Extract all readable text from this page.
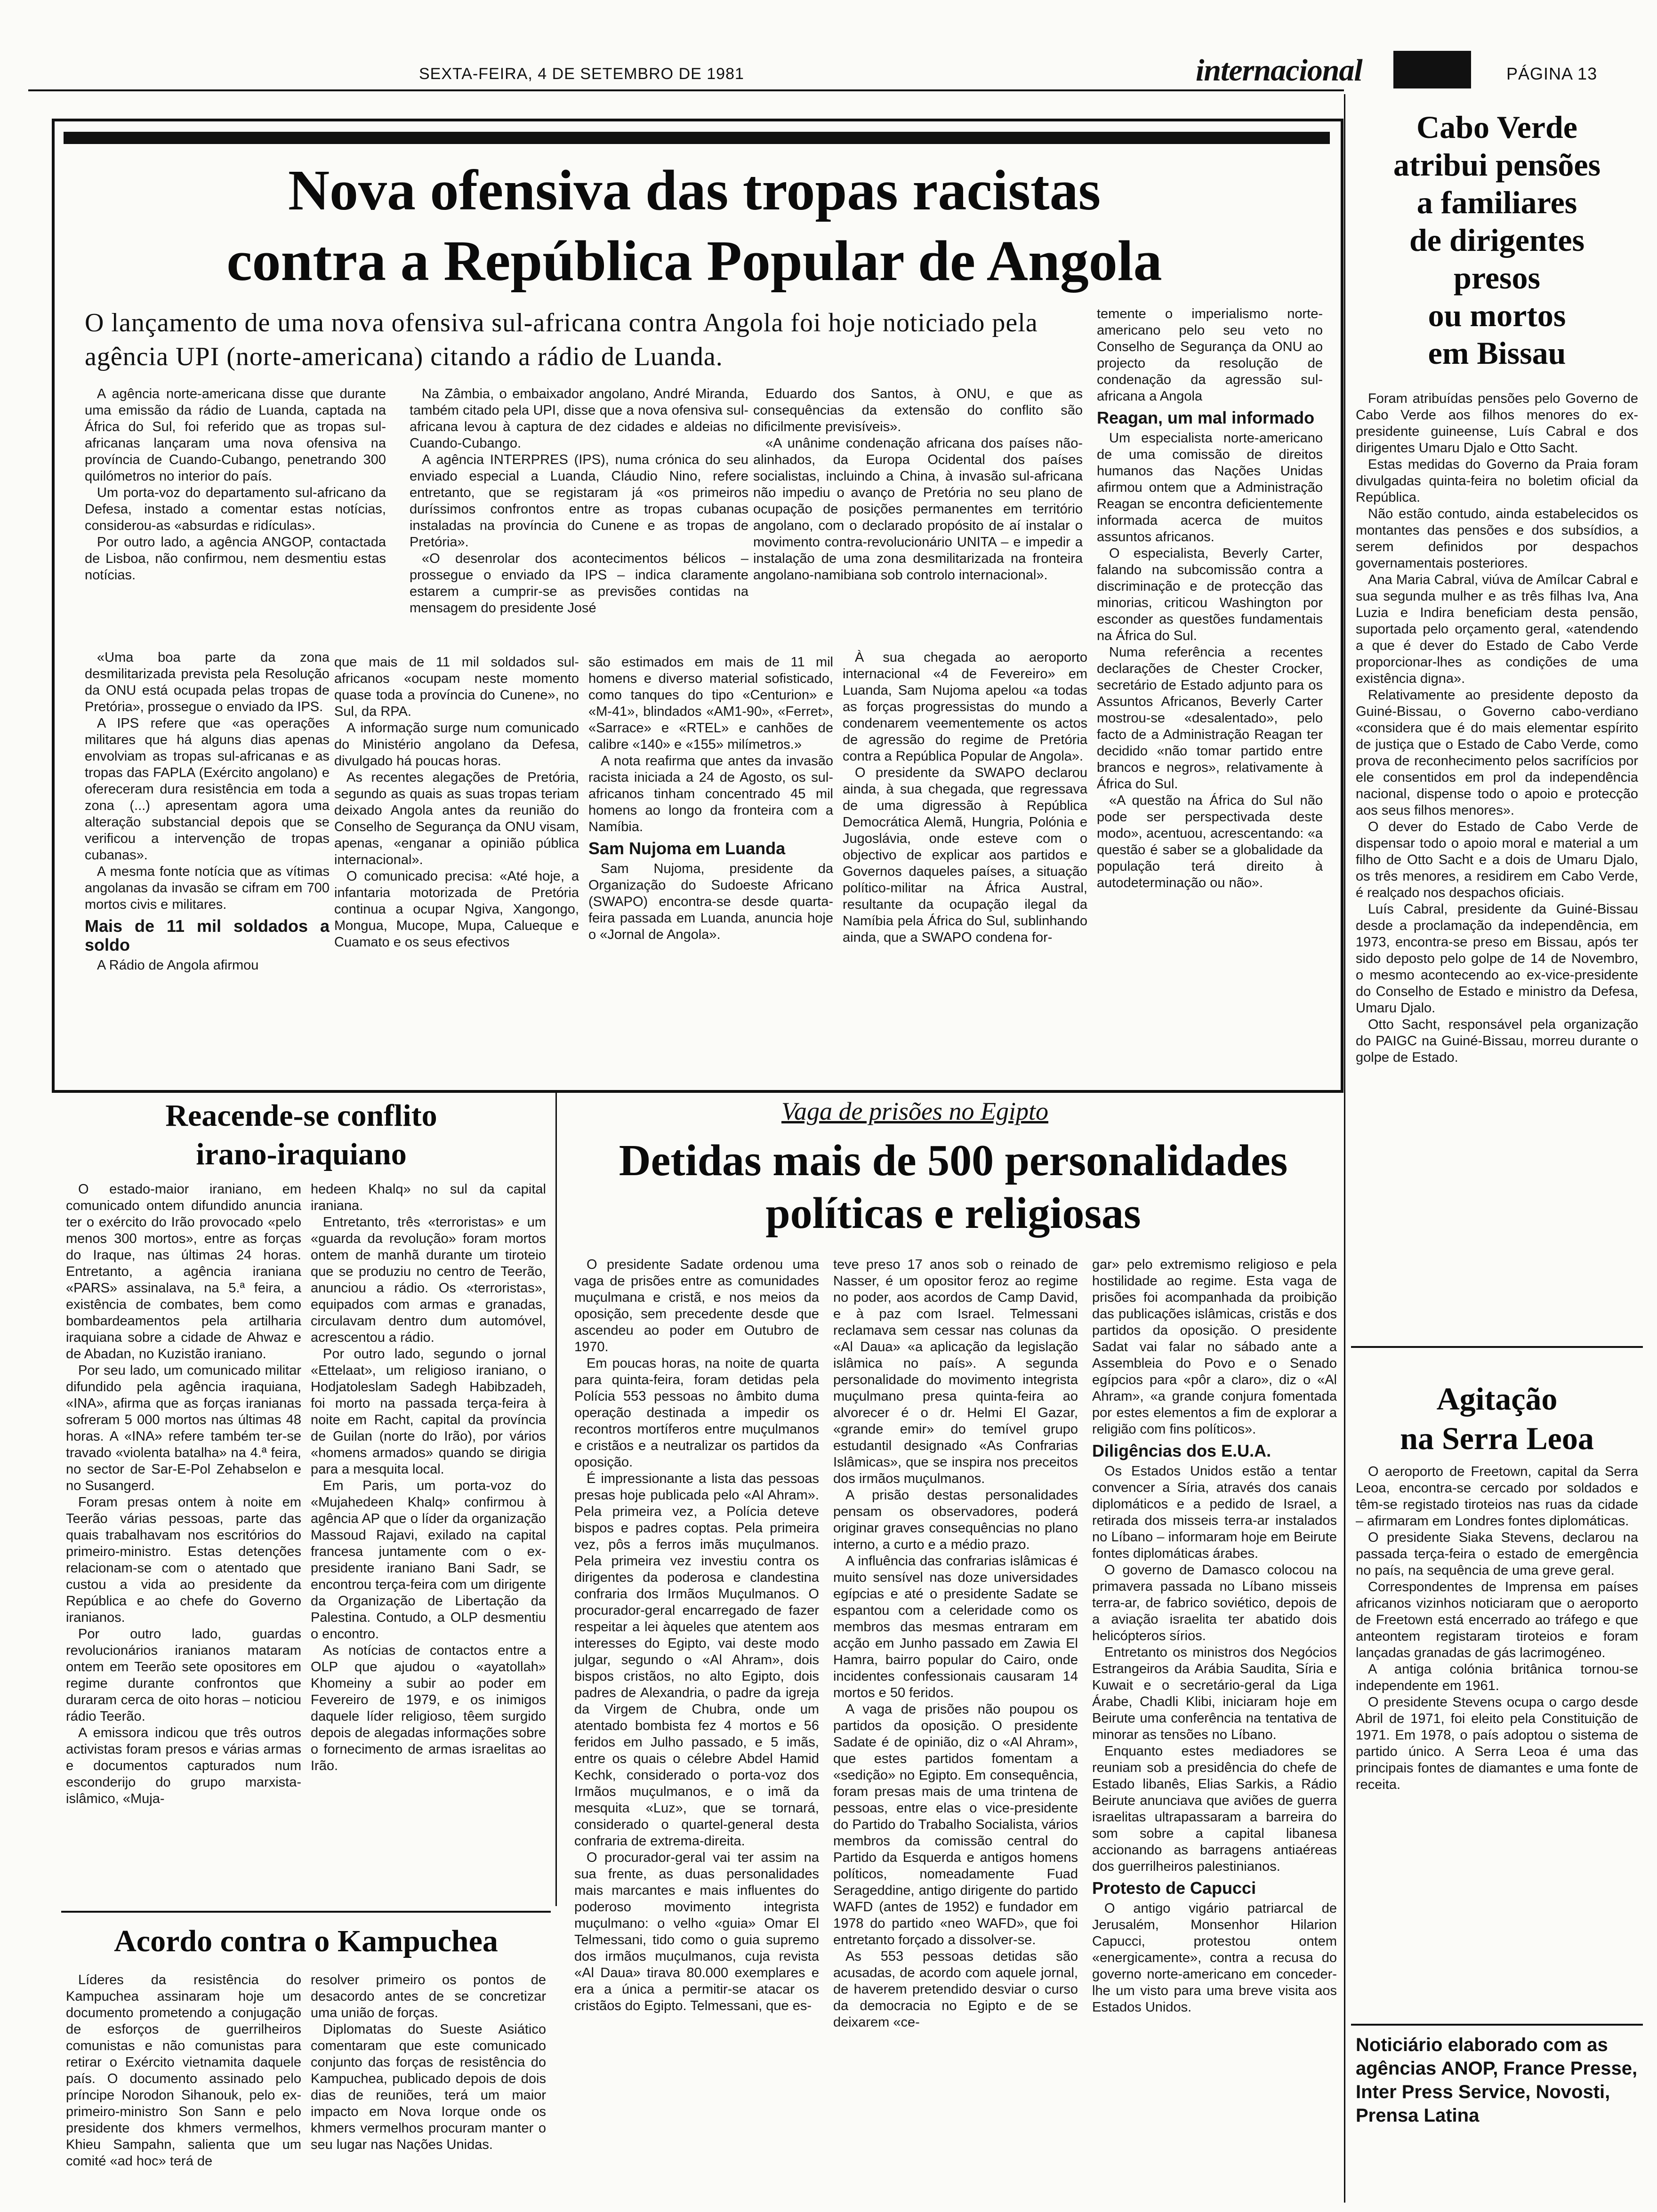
SEXTA-FEIRA, 4 DE SETEMBRO DE 1981	internacional	PÁGINA 13
Nova ofensiva das tropas racistas
contra a República Popular de Angola
O lançamento de uma nova ofensiva sul-africana contra Angola foi hoje noticiado pela agência UPI (norte-americana) citando a rádio de Luanda.

A agência norte-americana disse que durante uma emissão da rádio de Luanda, captada na África do Sul, foi referido que as tropas sul-africanas lançaram uma nova ofensiva na província de Cuando-Cubango, penetrando 300 quilómetros no interior do país.

Um porta-voz do departamento sul-africano da Defesa, instado a comentar estas notícias, considerou-as «absurdas e ridículas».

Por outro lado, a agência ANGOP, contactada de Lisboa, não confirmou, nem desmentiu estas notícias.

Na Zâmbia, o embaixador angolano, André Miranda, também citado pela UPI, disse que a nova ofensiva sul-africana levou à captura de dez cidades e aldeias no Cuando-Cubango.

A agência INTERPRES (IPS), numa crónica do seu enviado especial a Luanda, Cláudio Nino, refere entretanto, que se registaram já «os primeiros duríssimos confrontos entre as tropas cubanas instaladas na província do Cunene e as tropas de Pretória».

«O desenrolar dos acontecimentos bélicos – prossegue o enviado da IPS – indica claramente estarem a cumprir-se as previsões contidas na mensagem do presidente José

Eduardo dos Santos, à ONU, e que as consequências da extensão do conflito são dificilmente previsíveis».

«A unânime condenação africana dos países não-alinhados, da Europa Ocidental dos países socialistas, incluindo a China, à invasão sul-africana não impediu o avanço de Pretória no seu plano de ocupação de posições permanentes em território angolano, com o declarado propósito de aí instalar o movimento contra-revolucionário UNITA – e impedir a instalação de uma zona desmilitarizada na fronteira angolano-namibiana sob controlo internacional».

temente o imperialismo norte-americano pelo seu veto no Conselho de Segurança da ONU ao projecto da resolução de condenação da agressão sul-africana a Angola

Reagan, um mal informado

Um especialista norte-americano de uma comissão de direitos humanos das Nações Unidas afirmou ontem que a Administração Reagan se encontra deficientemente informada acerca de muitos assuntos africanos.

O especialista, Beverly Carter, falando na subcomissão contra a discriminação e de protecção das minorias, criticou Washington por esconder as questões fundamentais na África do Sul.

Numa referência a recentes declarações de Chester Crocker, secretário de Estado adjunto para os Assuntos Africanos, Beverly Carter mostrou-se «desalentado», pelo facto de a Administração Reagan ter decidido «não tomar partido entre brancos e negros», relativamente à África do Sul.

«A questão na África do Sul não pode ser perspectivada deste modo», acentuou, acrescentando: «a questão é saber se a globalidade da população terá direito à autodeterminação ou não».

«Uma boa parte da zona desmilitarizada prevista pela Resolução da ONU está ocupada pelas tropas de Pretória», prossegue o enviado da IPS.

A IPS refere que «as operações militares que há alguns dias apenas envolviam as tropas sul-africanas e as tropas das FAPLA (Exército angolano) e ofereceram dura resistência em toda a zona (...) apresentam agora uma alteração substancial depois que se verificou a intervenção de tropas cubanas».

A mesma fonte notícia que as vítimas angolanas da invasão se cifram em 700 mortos civis e militares.

Mais de 11 mil soldados a soldo

A Rádio de Angola afirmou

que mais de 11 mil soldados sul-africanos «ocupam neste momento quase toda a província do Cunene», no Sul, da RPA.

A informação surge num comunicado do Ministério angolano da Defesa, divulgado há poucas horas.

As recentes alegações de Pretória, segundo as quais as suas tropas teriam deixado Angola antes da reunião do Conselho de Segurança da ONU visam, apenas, «enganar a opinião pública internacional».

O comunicado precisa: «Até hoje, a infantaria motorizada de Pretória continua a ocupar Ngiva, Xangongo, Mongua, Mucope, Mupa, Calueque e Cuamato e os seus efectivos

são estimados em mais de 11 mil homens e diverso material sofisticado, como tanques do tipo «Centurion» e «M-41», blindados «AM1-90», «Ferret», «Sarrace» e «RTEL» e canhões de calibre «140» e «155» milímetros.»

A nota reafirma que antes da invasão racista iniciada a 24 de Agosto, os sul-africanos tinham concentrado 45 mil homens ao longo da fronteira com a Namíbia.

Sam Nujoma em Luanda

Sam Nujoma, presidente da Organização do Sudoeste Africano (SWAPO) encontra-se desde quarta-feira passada em Luanda, anuncia hoje o «Jornal de Angola».

À sua chegada ao aeroporto internacional «4 de Fevereiro» em Luanda, Sam Nujoma apelou «a todas as forças progressistas do mundo a condenarem veementemente os actos de agressão do regime de Pretória contra a República Popular de Angola».

O presidente da SWAPO declarou ainda, à sua chegada, que regressava de uma digressão à República Democrática Alemã, Hungria, Polónia e Jugoslávia, onde esteve com o objectivo de explicar aos partidos e Governos daqueles países, a situação político-militar na África Austral, resultante da ocupação ilegal da Namíbia pela África do Sul, sublinhando ainda, que a SWAPO condena for-

Cabo Verde
atribui pensões
a familiares
de dirigentes
presos
ou mortos
em Bissau

Foram atribuídas pensões pelo Governo de Cabo Verde aos filhos menores do ex-presidente guineense, Luís Cabral e dos dirigentes Umaru Djalo e Otto Sacht.

Estas medidas do Governo da Praia foram divulgadas quinta-feira no boletim oficial da República.

Não estão contudo, ainda estabelecidos os montantes das pensões e dos subsídios, a serem definidos por despachos governamentais posteriores.

Ana Maria Cabral, viúva de Amílcar Cabral e sua segunda mulher e as três filhas Iva, Ana Luzia e Indira beneficiam desta pensão, suportada pelo orçamento geral, «atendendo a que é dever do Estado de Cabo Verde proporcionar-lhes as condições de uma existência digna».

Relativamente ao presidente deposto da Guiné-Bissau, o Governo cabo-verdiano «considera que é do mais elementar espírito de justiça que o Estado de Cabo Verde, como prova de reconhecimento pelos sacrifícios por ele consentidos em prol da independência nacional, dispense todo o apoio e protecção aos seus filhos menores».

O dever do Estado de Cabo Verde de dispensar todo o apoio moral e material a um filho de Otto Sacht e a dois de Umaru Djalo, os três menores, a residirem em Cabo Verde, é realçado nos despachos oficiais.

Luís Cabral, presidente da Guiné-Bissau desde a proclamação da independência, em 1973, encontra-se preso em Bissau, após ter sido deposto pelo golpe de 14 de Novembro, o mesmo acontecendo ao ex-vice-presidente do Conselho de Estado e ministro da Defesa, Umaru Djalo.

Otto Sacht, responsável pela organização do PAIGC na Guiné-Bissau, morreu durante o golpe de Estado.

Reacende-se conflito
irano-iraquiano

O estado-maior iraniano, em comunicado ontem difundido anuncia ter o exército do Irão provocado «pelo menos 300 mortos», entre as forças do Iraque, nas últimas 24 horas. Entretanto, a agência iraniana «PARS» assinalava, na 5.ª feira, a existência de combates, bem como bombardeamentos pela artilharia iraquiana sobre a cidade de Ahwaz e de Abadan, no Kuzistão iraniano.

Por seu lado, um comunicado militar difundido pela agência iraquiana, «INA», afirma que as forças iranianas sofreram 5 000 mortos nas últimas 48 horas. A «INA» refere também ter-se travado «violenta batalha» na 4.ª feira, no sector de Sar-E-Pol Zehabselon e no Susangerd.

Foram presas ontem à noite em Teerão várias pessoas, parte das quais trabalhavam nos escritórios do primeiro-ministro. Estas detenções relacionam-se com o atentado que custou a vida ao presidente da República e ao chefe do Governo iranianos.

Por outro lado, guardas revolucionários iranianos mataram ontem em Teerão sete opositores em regime durante confrontos que duraram cerca de oito horas – noticiou rádio Teerão.

A emissora indicou que três outros activistas foram presos e várias armas e documentos capturados num esconderijo do grupo marxista-islâmico, «Muja-

hedeen Khalq» no sul da capital iraniana.

Entretanto, três «terroristas» e um «guarda da revolução» foram mortos ontem de manhã durante um tiroteio que se produziu no centro de Teerão, anunciou a rádio. Os «terroristas», equipados com armas e granadas, circulavam dentro dum automóvel, acrescentou a rádio.

Por outro lado, segundo o jornal «Ettelaat», um religioso iraniano, o Hodjatoleslam Sadegh Habibzadeh, foi morto na passada terça-feira à noite em Racht, capital da província de Guilan (norte do Irão), por vários «homens armados» quando se dirigia para a mesquita local.

Em Paris, um porta-voz do «Mujahedeen Khalq» confirmou à agência AP que o líder da organização Massoud Rajavi, exilado na capital francesa juntamente com o ex-presidente iraniano Bani Sadr, se encontrou terça-feira com um dirigente da Organização de Libertação da Palestina. Contudo, a OLP desmentiu o encontro.

As notícias de contactos entre a OLP que ajudou o «ayatollah» Khomeiny a subir ao poder em Fevereiro de 1979, e os inimigos daquele líder religioso, têem surgido depois de alegadas informações sobre o fornecimento de armas israelitas ao Irão.

Vaga de prisões no Egipto
Detidas mais de 500 personalidades
políticas e religiosas

O presidente Sadate ordenou uma vaga de prisões entre as comunidades muçulmana e cristã, e nos meios da oposição, sem precedente desde que ascendeu ao poder em Outubro de 1970.

Em poucas horas, na noite de quarta para quinta-feira, foram detidas pela Polícia 553 pessoas no âmbito duma operação destinada a impedir os recontros mortíferos entre muçulmanos e cristãos e a neutralizar os partidos da oposição.

É impressionante a lista das pessoas presas hoje publicada pelo «Al Ahram». Pela primeira vez, a Polícia deteve bispos e padres coptas. Pela primeira vez, pôs a ferros imãs muçulmanos. Pela primeira vez investiu contra os dirigentes da poderosa e clandestina confraria dos Irmãos Muçulmanos. O procurador-geral encarregado de fazer respeitar a lei àqueles que atentem aos interesses do Egipto, vai deste modo julgar, segundo o «Al Ahram», dois bispos cristãos, no alto Egipto, dois padres de Alexandria, o padre da igreja da Virgem de Chubra, onde um atentado bombista fez 4 mortos e 56 feridos em Julho passado, e 5 imãs, entre os quais o célebre Abdel Hamid Kechk, considerado o porta-voz dos Irmãos muçulmanos, e o imã da mesquita «Luz», que se tornará, considerado o quartel-general desta confraria de extrema-direita.

O procurador-geral vai ter assim na sua frente, as duas personalidades mais marcantes e mais influentes do poderoso movimento integrista muçulmano: o velho «guia» Omar El Telmessani, tido como o guia supremo dos irmãos muçulmanos, cuja revista «Al Daua» tirava 80.000 exemplares e era a única a permitir-se atacar os cristãos do Egipto. Telmessani, que es-

teve preso 17 anos sob o reinado de Nasser, é um opositor feroz ao regime no poder, aos acordos de Camp David, e à paz com Israel. Telmessani reclamava sem cessar nas colunas da «Al Daua» «a aplicação da legislação islâmica no país». A segunda personalidade do movimento integrista muçulmano presa quinta-feira ao alvorecer é o dr. Helmi El Gazar, «grande emir» do temível grupo estudantil designado «As Confrarias Islâmicas», que se inspira nos preceitos dos irmãos muçulmanos.

A prisão destas personalidades pensam os observadores, poderá originar graves consequências no plano interno, a curto e a médio prazo.

A influência das confrarias islâmicas é muito sensível nas doze universidades egípcias e até o presidente Sadate se espantou com a celeridade como os membros das mesmas entraram em acção em Junho passado em Zawia El Hamra, bairro popular do Cairo, onde incidentes confessionais causaram 14 mortos e 50 feridos.

A vaga de prisões não poupou os partidos da oposição. O presidente Sadate é de opinião, diz o «Al Ahram», que estes partidos fomentam a «sedição» no Egipto. Em consequência, foram presas mais de uma trintena de pessoas, entre elas o vice-presidente do Partido do Trabalho Socialista, vários membros da comissão central do Partido da Esquerda e antigos homens políticos, nomeadamente Fuad Serageddine, antigo dirigente do partido WAFD (antes de 1952) e fundador em 1978 do partido «neo WAFD», que foi entretanto forçado a dissolver-se.

As 553 pessoas detidas são acusadas, de acordo com aquele jornal, de haverem pretendido desviar o curso da democracia no Egipto e de se deixarem «ce-

gar» pelo extremismo religioso e pela hostilidade ao regime. Esta vaga de prisões foi acompanhada da proibição das publicações islâmicas, cristãs e dos partidos da oposição. O presidente Sadat vai falar no sábado ante a Assembleia do Povo e o Senado egípcios para «pôr a claro», diz o «Al Ahram», «a grande conjura fomentada por estes elementos a fim de explorar a religião com fins políticos».

Diligências dos E.U.A.

Os Estados Unidos estão a tentar convencer a Síria, através dos canais diplomáticos e a pedido de Israel, a retirada dos misseis terra-ar instalados no Líbano – informaram hoje em Beirute fontes diplomáticas árabes.

O governo de Damasco colocou na primavera passada no Líbano misseis terra-ar, de fabrico soviético, depois de a aviação israelita ter abatido dois helicópteros sírios.

Entretanto os ministros dos Negócios Estrangeiros da Arábia Saudita, Síria e Kuwait e o secretário-geral da Liga Árabe, Chadli Klibi, iniciaram hoje em Beirute uma conferência na tentativa de minorar as tensões no Líbano.

Enquanto estes mediadores se reuniam sob a presidência do chefe de Estado libanês, Elias Sarkis, a Rádio Beirute anunciava que aviões de guerra israelitas ultrapassaram a barreira do som sobre a capital libanesa accionando as barragens antiaéreas dos guerrilheiros palestinianos.

Protesto de Capucci

O antigo vigário patriarcal de Jerusalém, Monsenhor Hilarion Capucci, protestou ontem «energicamente», contra a recusa do governo norte-americano em conceder-lhe um visto para uma breve visita aos Estados Unidos.

Acordo contra o Kampuchea

Líderes da resistência do Kampuchea assinaram hoje um documento prometendo a conjugação de esforços de guerrilheiros comunistas e não comunistas para retirar o Exército vietnamita daquele país. O documento assinado pelo príncipe Norodon Sihanouk, pelo ex-primeiro-ministro Son Sann e pelo presidente dos khmers vermelhos, Khieu Sampahn, salienta que um comité «ad hoc» terá de

resolver primeiro os pontos de desacordo antes de se concretizar uma união de forças.

Diplomatas do Sueste Asiático comentaram que este comunicado conjunto das forças de resistência do Kampuchea, publicado depois de dois dias de reuniões, terá um maior impacto em Nova Iorque onde os khmers vermelhos procuram manter o seu lugar nas Nações Unidas.

Agitação
na Serra Leoa

O aeroporto de Freetown, capital da Serra Leoa, encontra-se cercado por soldados e têm-se registado tiroteios nas ruas da cidade – afirmaram em Londres fontes diplomáticas.

O presidente Siaka Stevens, declarou na passada terça-feira o estado de emergência no país, na sequência de uma greve geral.

Correspondentes de Imprensa em países africanos vizinhos noticiaram que o aeroporto de Freetown está encerrado ao tráfego e que anteontem registaram tiroteios e foram lançadas granadas de gás lacrimogéneo.

A antiga colónia britânica tornou-se independente em 1961.

O presidente Stevens ocupa o cargo desde Abril de 1971, foi eleito pela Constituição de 1971. Em 1978, o país adoptou o sistema de partido único. A Serra Leoa é uma das principais fontes de diamantes e uma fonte de receita.

Noticiário elaborado com as agências ANOP, France Presse, Inter Press Service, Novosti, Prensa Latina
